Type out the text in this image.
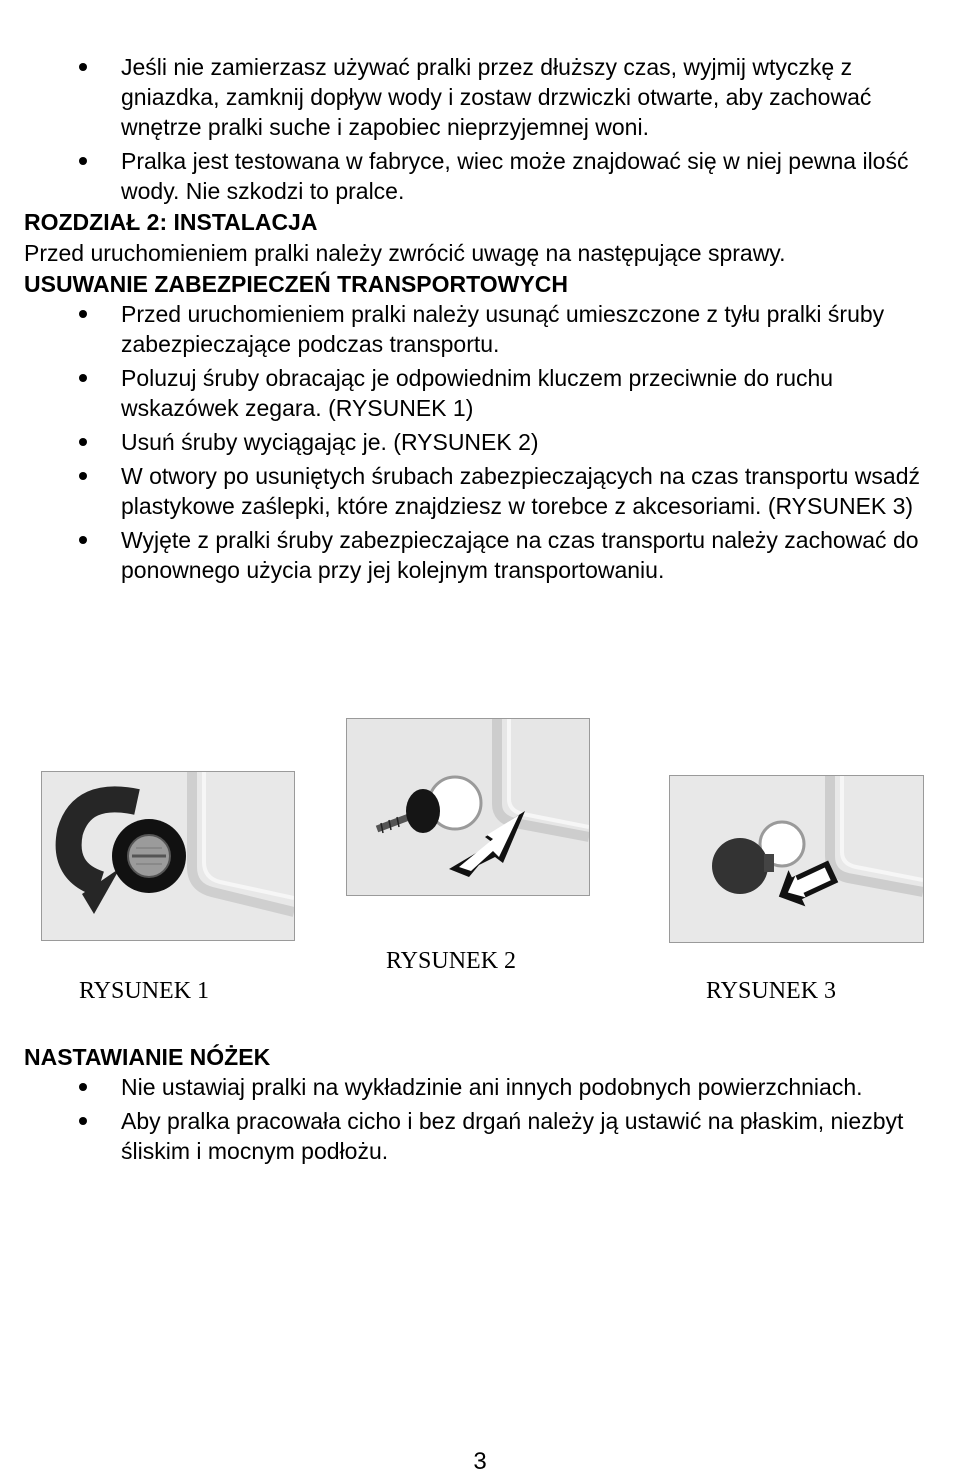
Jeśli nie zamierzasz używać pralki przez dłuższy czas, wyjmij wtyczkę z gniazdka, zamknij dopływ wody i zostaw drzwiczki otwarte, aby zachować wnętrze pralki suche i zapobiec nieprzyjemnej woni.
Pralka jest testowana w fabryce, wiec może znajdować się w niej pewna ilość wody. Nie szkodzi to pralce.
ROZDZIAŁ 2: INSTALACJA
Przed uruchomieniem pralki należy zwrócić uwagę na następujące sprawy.
USUWANIE ZABEZPIECZEŃ TRANSPORTOWYCH
Przed uruchomieniem pralki należy usunąć umieszczone z tyłu pralki śruby zabezpieczające podczas transportu.
Poluzuj śruby obracając je odpowiednim kluczem przeciwnie do ruchu wskazówek zegara. (RYSUNEK 1)
Usuń śruby wyciągając je. (RYSUNEK 2)
W otwory po usuniętych śrubach zabezpieczających na czas transportu wsadź plastykowe zaślepki, które znajdziesz w torebce z akcesoriami. (RYSUNEK 3)
Wyjęte z pralki śruby zabezpieczające na czas transportu należy zachować do ponownego użycia przy jej kolejnym transportowaniu.
RYSUNEK 1
RYSUNEK 2
RYSUNEK 3
NASTAWIANIE NÓŻEK
Nie ustawiaj pralki na wykładzinie ani innych podobnych powierzchniach.
Aby pralka pracowała cicho i bez drgań należy ją ustawić na płaskim, niezbyt śliskim i mocnym podłożu.
3
